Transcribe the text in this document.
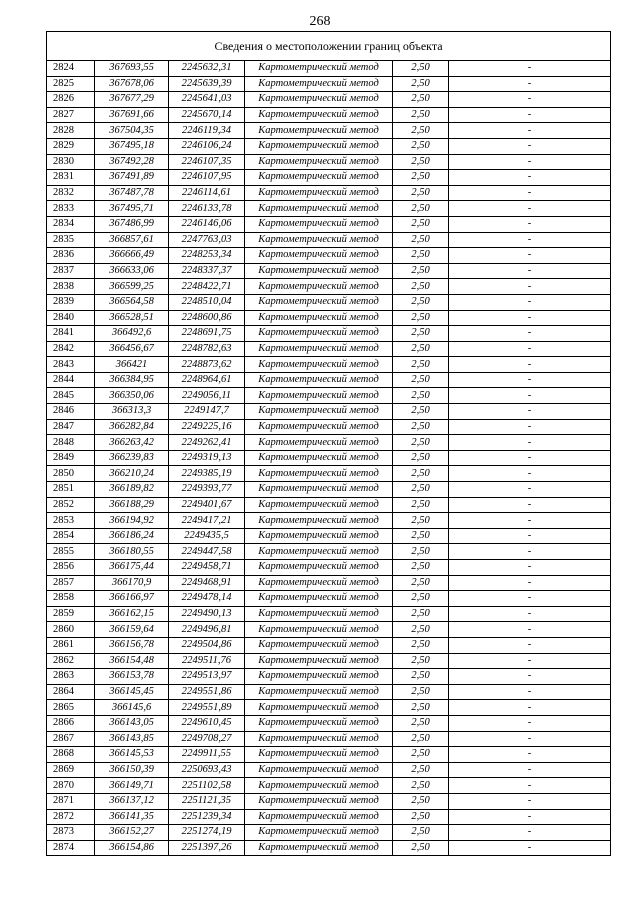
268
Сведения о местоположении границ объекта					
2824	367693,55	2245632,31	Картометрический метод	2,50	-
2825	367678,06	2245639,39	Картометрический метод	2,50	-
2826	367677,29	2245641,03	Картометрический метод	2,50	-
2827	367691,66	2245670,14	Картометрический метод	2,50	-
2828	367504,35	2246119,34	Картометрический метод	2,50	-
2829	367495,18	2246106,24	Картометрический метод	2,50	-
2830	367492,28	2246107,35	Картометрический метод	2,50	-
2831	367491,89	2246107,95	Картометрический метод	2,50	-
2832	367487,78	2246114,61	Картометрический метод	2,50	-
2833	367495,71	2246133,78	Картометрический метод	2,50	-
2834	367486,99	2246146,06	Картометрический метод	2,50	-
2835	366857,61	2247763,03	Картометрический метод	2,50	-
2836	366666,49	2248253,34	Картометрический метод	2,50	-
2837	366633,06	2248337,37	Картометрический метод	2,50	-
2838	366599,25	2248422,71	Картометрический метод	2,50	-
2839	366564,58	2248510,04	Картометрический метод	2,50	-
2840	366528,51	2248600,86	Картометрический метод	2,50	-
2841	366492,6	2248691,75	Картометрический метод	2,50	-
2842	366456,67	2248782,63	Картометрический метод	2,50	-
2843	366421	2248873,62	Картометрический метод	2,50	-
2844	366384,95	2248964,61	Картометрический метод	2,50	-
2845	366350,06	2249056,11	Картометрический метод	2,50	-
2846	366313,3	2249147,7	Картометрический метод	2,50	-
2847	366282,84	2249225,16	Картометрический метод	2,50	-
2848	366263,42	2249262,41	Картометрический метод	2,50	-
2849	366239,83	2249319,13	Картометрический метод	2,50	-
2850	366210,24	2249385,19	Картометрический метод	2,50	-
2851	366189,82	2249393,77	Картометрический метод	2,50	-
2852	366188,29	2249401,67	Картометрический метод	2,50	-
2853	366194,92	2249417,21	Картометрический метод	2,50	-
2854	366186,24	2249435,5	Картометрический метод	2,50	-
2855	366180,55	2249447,58	Картометрический метод	2,50	-
2856	366175,44	2249458,71	Картометрический метод	2,50	-
2857	366170,9	2249468,91	Картометрический метод	2,50	-
2858	366166,97	2249478,14	Картометрический метод	2,50	-
2859	366162,15	2249490,13	Картометрический метод	2,50	-
2860	366159,64	2249496,81	Картометрический метод	2,50	-
2861	366156,78	2249504,86	Картометрический метод	2,50	-
2862	366154,48	2249511,76	Картометрический метод	2,50	-
2863	366153,78	2249513,97	Картометрический метод	2,50	-
2864	366145,45	2249551,86	Картометрический метод	2,50	-
2865	366145,6	2249551,89	Картометрический метод	2,50	-
2866	366143,05	2249610,45	Картометрический метод	2,50	-
2867	366143,85	2249708,27	Картометрический метод	2,50	-
2868	366145,53	2249911,55	Картометрический метод	2,50	-
2869	366150,39	2250693,43	Картометрический метод	2,50	-
2870	366149,71	2251102,58	Картометрический метод	2,50	-
2871	366137,12	2251121,35	Картометрический метод	2,50	-
2872	366141,35	2251239,34	Картометрический метод	2,50	-
2873	366152,27	2251274,19	Картометрический метод	2,50	-
2874	366154,86	2251397,26	Картометрический метод	2,50	-
